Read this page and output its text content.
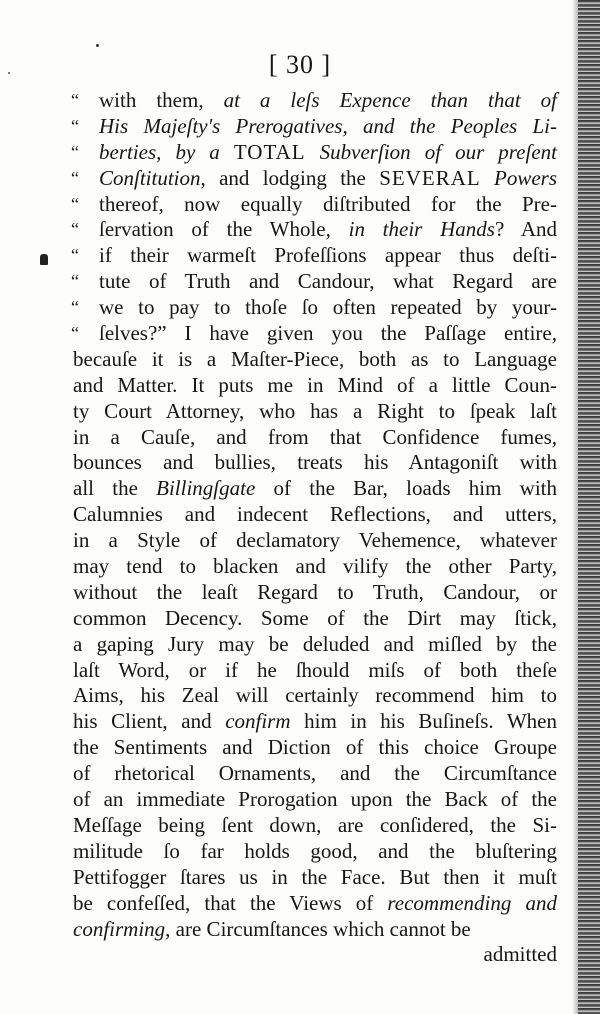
[ 30 ]
“ with them, at a leſs Expence than that of
“ His Majeſty's Prerogatives, and the Peoples Li-
“ berties, by a TOTAL Subverſion of our preſent
“ Conſtitution, and lodging the SEVERAL Powers
“ thereof, now equally diſtributed for the Pre-
“ ſervation of the Whole, in their Hands? And
“ if their warmeſt Profeſſions appear thus deſti-
“ tute of Truth and Candour, what Regard are
“ we to pay to thoſe ſo often repeated by your-
“ ſelves?” I have given you the Paſſage entire,
becauſe it is a Maſter-Piece, both as to Language
and Matter. It puts me in Mind of a little Coun-
ty Court Attorney, who has a Right to ſpeak laſt
in a Cauſe, and from that Confidence fumes,
bounces and bullies, treats his Antagoniſt with
all the Billingſgate of the Bar, loads him with
Calumnies and indecent Reflections, and utters,
in a Style of declamatory Vehemence, whatever
may tend to blacken and vilify the other Party,
without the leaſt Regard to Truth, Candour, or
common Decency. Some of the Dirt may ſtick,
a gaping Jury may be deluded and miſled by the
laſt Word, or if he ſhould miſs of both theſe
Aims, his Zeal will certainly recommend him to
his Client, and confirm him in his Buſineſs. When
the Sentiments and Diction of this choice Groupe
of rhetorical Ornaments, and the Circumſtance
of an immediate Prorogation upon the Back of the
Meſſage being ſent down, are conſidered, the Si-
militude ſo far holds good, and the bluſtering
Pettifogger ſtares us in the Face. But then it muſt
be confeſſed, that the Views of recommending and
confirming, are Circumſtances which cannot be
admitted
